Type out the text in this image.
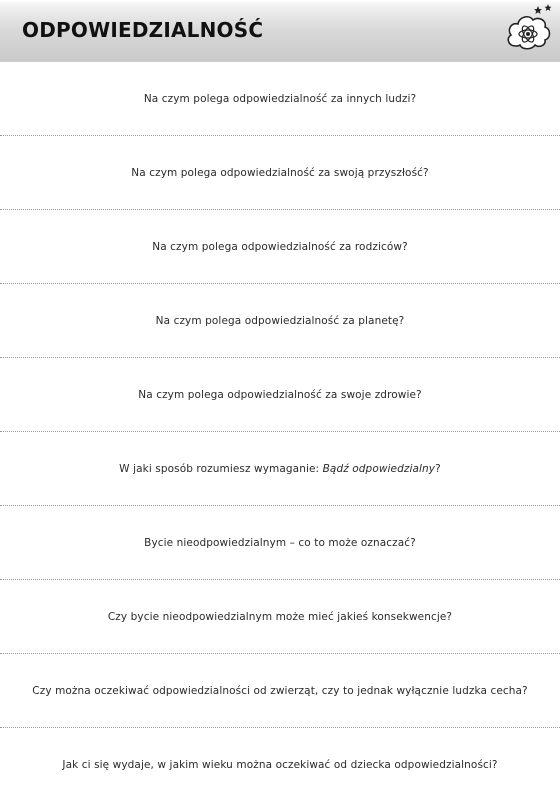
ODPOWIEDZIALNOŚĆ
Na czym polega odpowiedzialność za innych ludzi?
Na czym polega odpowiedzialność za swoją przyszłość?
Na czym polega odpowiedzialność za rodziców?
Na czym polega odpowiedzialność za planetę?
Na czym polega odpowiedzialność za swoje zdrowie?
W jaki sposób rozumiesz wymaganie: Bądź odpowiedzialny?
Bycie nieodpowiedzialnym – co to może oznaczać?
Czy bycie nieodpowiedzialnym może mieć jakieś konsekwencje?
Czy można oczekiwać odpowiedzialności od zwierząt, czy to jednak wyłącznie ludzka cecha?
Jak ci się wydaje, w jakim wieku można oczekiwać od dziecka odpowiedzialności?
